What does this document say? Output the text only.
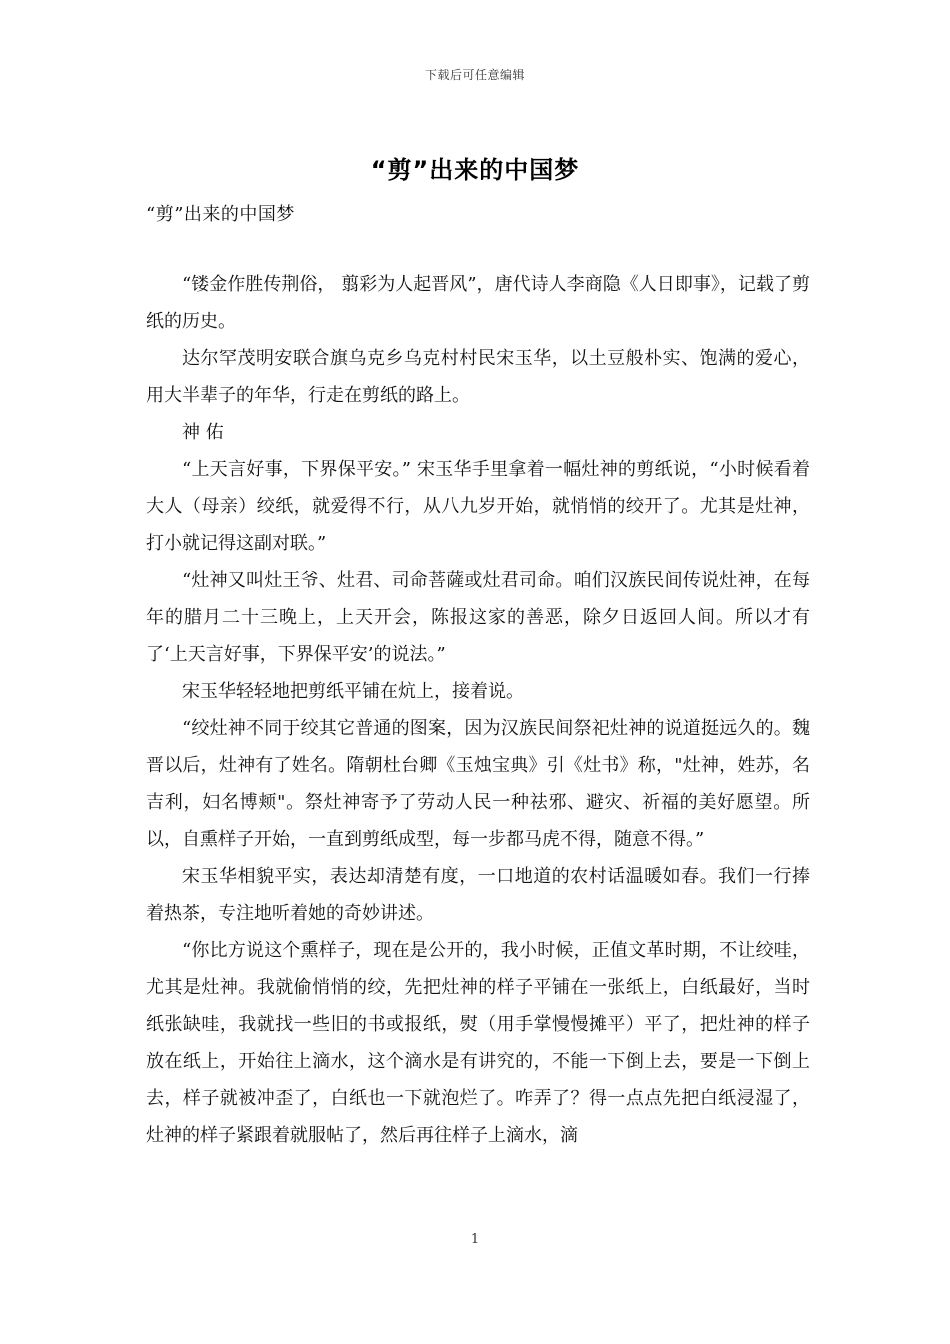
下载后可任意编辑
“剪”出来的中国梦
“剪”出来的中国梦

“镂金作胜传荆俗， 翦彩为人起晋风”，唐代诗人李商隐《人日即事》，记载了剪纸的历史。

达尔罕茂明安联合旗乌克乡乌克村村民宋玉华，以土豆般朴实、饱满的爱心，用大半辈子的年华，行走在剪纸的路上。

神 佑

“上天言好事，下界保平安。” 宋玉华手里拿着一幅灶神的剪纸说，“小时候看着大人（母亲）绞纸，就爱得不行，从八九岁开始，就悄悄的绞开了。尤其是灶神，打小就记得这副对联。”

“灶神又叫灶王爷、灶君、司命菩薩或灶君司命。咱们汉族民间传说灶神，在每年的腊月二十三晚上，上天开会，陈报这家的善恶，除夕日返回人间。所以才有了‘上天言好事，下界保平安’的说法。”

宋玉华轻轻地把剪纸平铺在炕上，接着说。

“绞灶神不同于绞其它普通的图案，因为汉族民间祭祀灶神的说道挺远久的。魏晋以后，灶神有了姓名。隋朝杜台卿《玉烛宝典》引《灶书》称，"灶神，姓苏，名吉利，妇名博颊"。祭灶神寄予了劳动人民一种祛邪、避灾、祈福的美好愿望。所以，自熏样子开始，一直到剪纸成型，每一步都马虎不得，随意不得。”

宋玉华相貌平实，表达却清楚有度，一口地道的农村话温暖如春。我们一行捧着热茶，专注地听着她的奇妙讲述。

“你比方说这个熏样子，现在是公开的，我小时候，正值文革时期，不让绞哇，尤其是灶神。我就偷悄悄的绞，先把灶神的样子平铺在一张纸上，白纸最好，当时纸张缺哇，我就找一些旧的书或报纸，熨（用手掌慢慢摊平）平了，把灶神的样子放在纸上，开始往上滴水，这个滴水是有讲究的，不能一下倒上去，要是一下倒上去，样子就被冲歪了，白纸也一下就泡烂了。咋弄了？得一点点先把白纸浸湿了，灶神的样子紧跟着就服帖了，然后再往样子上滴水，滴

1
